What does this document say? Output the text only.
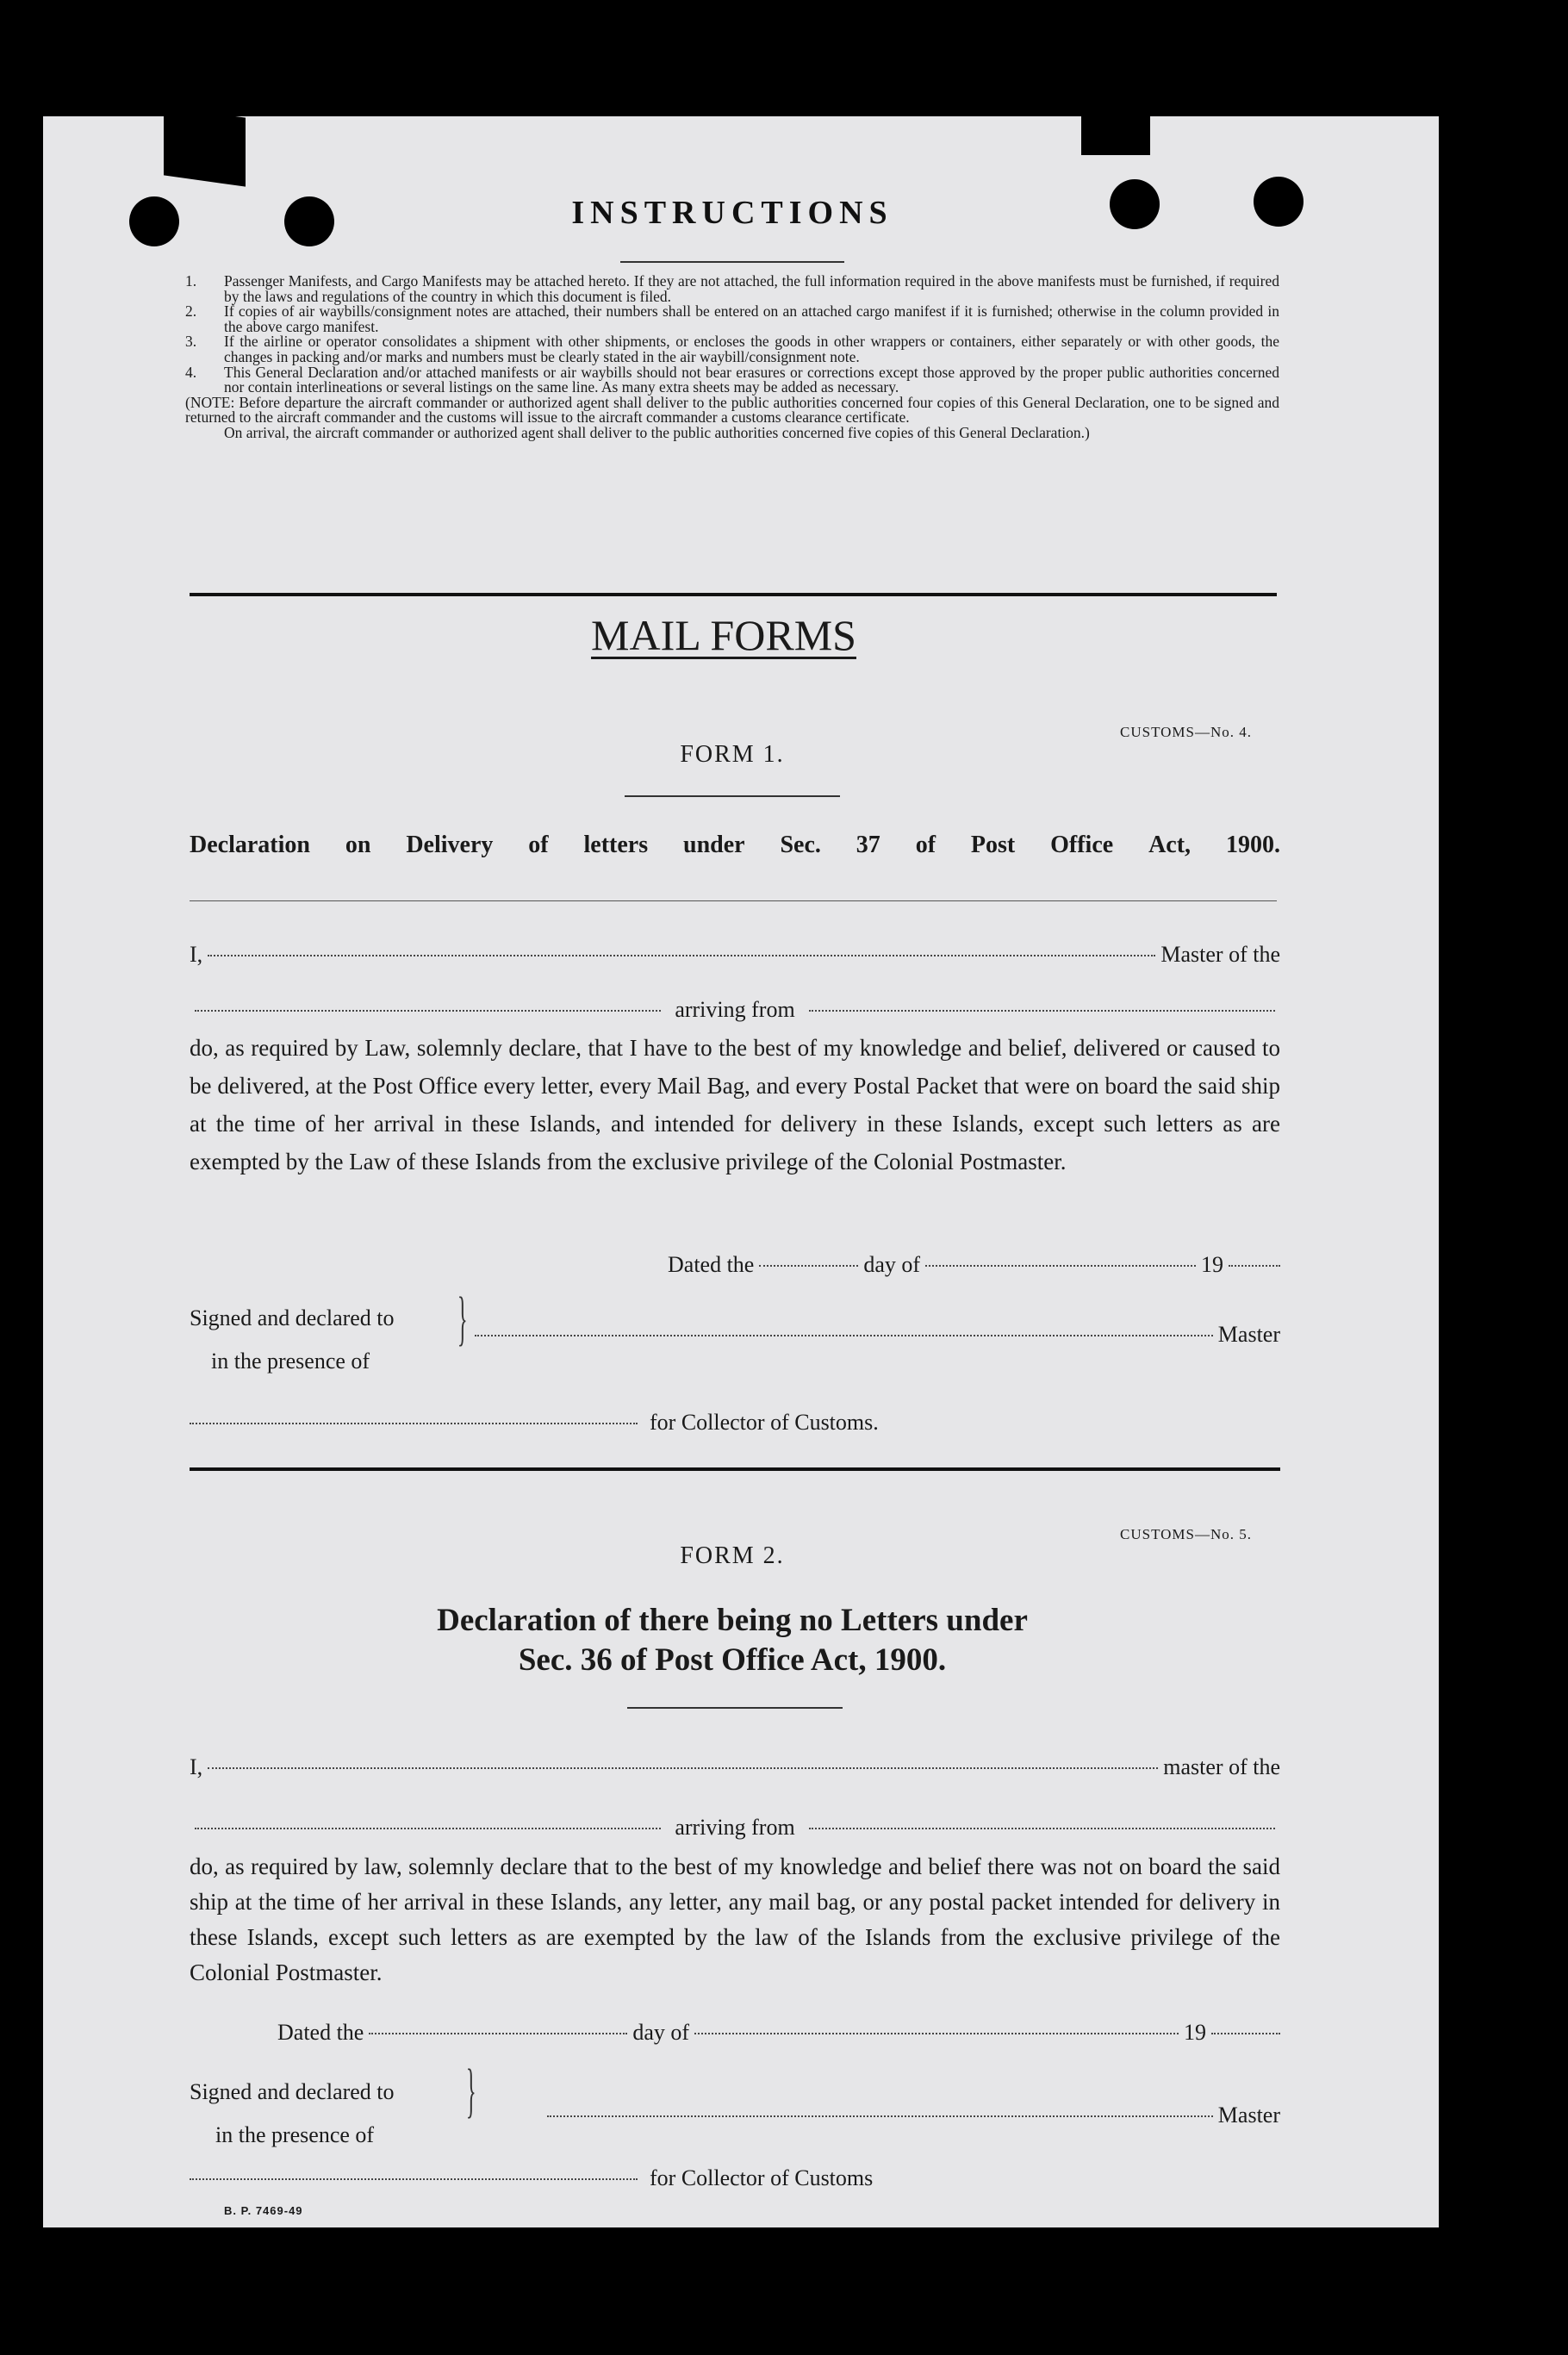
INSTRUCTIONS
1. Passenger Manifests, and Cargo Manifests may be attached hereto. If they are not attached, the full information required in the above manifests must be furnished, if required by the laws and regulations of the country in which this document is filed.
2. If copies of air waybills/consignment notes are attached, their numbers shall be entered on an attached cargo manifest if it is furnished; otherwise in the column provided in the above cargo manifest.
3. If the airline or operator consolidates a shipment with other shipments, or encloses the goods in other wrappers or containers, either separately or with other goods, the changes in packing and/or marks and numbers must be clearly stated in the air waybill/consignment note.
4. This General Declaration and/or attached manifests or air waybills should not bear erasures or corrections except those approved by the proper public authorities concerned nor contain interlineations or several listings on the same line. As many extra sheets may be added as necessary.
(NOTE: Before departure the aircraft commander or authorized agent shall deliver to the public authorities concerned four copies of this General Declaration, one to be signed and returned to the aircraft commander and the customs will issue to the aircraft commander a customs clearance certificate.
On arrival, the aircraft commander or authorized agent shall deliver to the public authorities concerned five copies of this General Declaration.)
MAIL FORMS
CUSTOMS—No. 4.
FORM 1.
Declaration on Delivery of letters under Sec. 37 of Post Office Act, 1900.
I,	Master of the
arriving from
do, as required by Law, solemnly declare, that I have to the best of my knowledge and belief, delivered or caused to be delivered, at the Post Office every letter, every Mail Bag, and every Postal Packet that were on board the said ship at the time of her arrival in these Islands, and intended for delivery in these Islands, except such letters as are exempted by the Law of these Islands from the exclusive privilege of the Colonial Postmaster.
Dated the	day of	19
Signed and declared to
in the presence of
}	Master
for Collector of Customs.
CUSTOMS—No. 5.
FORM 2.
Declaration of there being no Letters under
Sec. 36 of Post Office Act, 1900.
I,	master of the
arriving from
do, as required by law, solemnly declare that to the best of my knowledge and belief there was not on board the said ship at the time of her arrival in these Islands, any letter, any mail bag, or any postal packet intended for delivery in these Islands, except such letters as are exempted by the law of the Islands from the exclusive privilege of the Colonial Postmaster.
Dated the	day of	19
Signed and declared to
in the presence of
}	Master
for Collector of Customs
B. P. 7469-49
